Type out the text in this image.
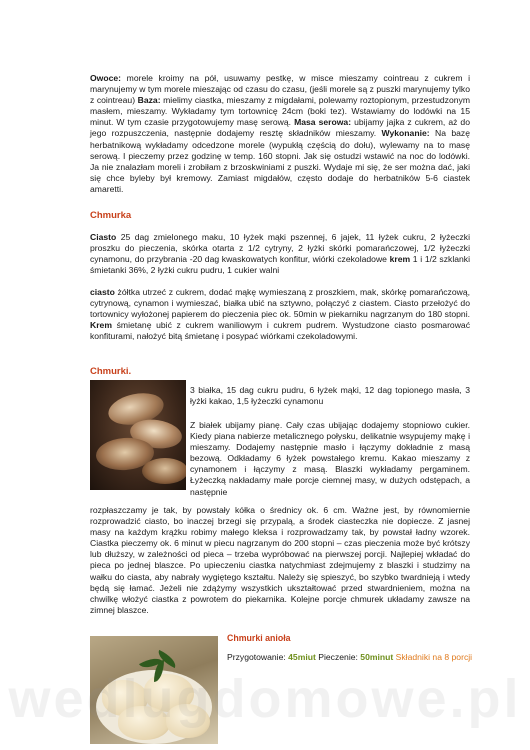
Owoce: morele kroimy na pół, usuwamy pestkę, w misce mieszamy cointreau z cukrem i marynujemy w tym morele mieszając od czasu do czasu, (jeśli morele są z puszki marynujemy tylko z cointreau) Baza: mielimy ciastka, mieszamy z migdałami, polewamy roztopionym, przestudzonym masłem, mieszamy. Wykładamy tym tortownicę 24cm (boki tez). Wstawiamy do lodówki na 15 minut. W tym czasie przygotowujemy masę serową. Masa serowa: ubijamy jajka z cukrem, aż do jego rozpuszczenia, następnie dodajemy resztę składników mieszamy. Wykonanie: Na bazę herbatnikową wykładamy odcedzone morele (wypukłą częścią do dołu), wylewamy na to masę serową. I pieczemy przez godzinę w temp. 160 stopni. Jak się ostudzi wstawić na noc do lodówki. Ja nie znalazłam moreli i zrobiłam z brzoskwiniami z puszki. Wydaje mi się, że ser można dać, jaki się chce byleby był kremowy. Zamiast migdałów, często dodaje do herbatników 5-6 ciastek amaretti.
Chmurka
Ciasto 25 dag zmielonego maku, 10 łyżek mąki pszennej, 6 jajek, 11 łyżek cukru, 2 łyżeczki proszku do pieczenia, skórka otarta z 1/2 cytryny, 2 łyżki skórki pomarańczowej, 1/2 łyżeczki cynamonu, do przybrania -20 dag kwaskowatych konfitur, wiórki czekoladowe krem 1 i 1/2 szklanki śmietanki 36%, 2 łyżki cukru pudru, 1 cukier walni
ciasto żółtka utrzeć z cukrem, dodać mąkę wymieszaną z proszkiem, mak, skórkę pomarańczową, cytrynową, cynamon i wymieszać, białka ubić na sztywno, połączyć z ciastem. Ciasto przełożyć do tortownicy wyłożonej papierem do pieczenia piec ok. 50min w piekarniku nagrzanym do 180 stopni. Krem śmietanę ubić z cukrem waniliowym i cukrem pudrem. Wystudzone ciasto posmarować konfiturami, nałożyć bitą śmietanę i posypać wiórkami czekoladowymi.
Chmurki.
3 białka, 15 dag cukru pudru, 6 łyżek mąki, 12 dag topionego masła, 3 łyżki kakao, 1,5 łyżeczki cynamonu
Z białek ubijamy pianę. Cały czas ubijając dodajemy stopniowo cukier. Kiedy piana nabierze metalicznego połysku, delikatnie wsypujemy mąkę i mieszamy. Dodajemy następnie masło i łączymy dokładnie z masą bezową. Odkładamy 6 łyżek powstałego kremu. Kakao mieszamy z cynamonem i łączymy z masą. Blaszki wykładamy pergaminem. Łyżeczką nakładamy małe porcje ciemnej masy, w dużych odstępach, a następnie
rozpłaszczamy je tak, by powstały kółka o średnicy ok. 6 cm. Ważne jest, by równomiernie rozprowadzić ciasto, bo inaczej brzegi się przypalą, a środek ciasteczka nie dopiecze. Z jasnej masy na każdym krążku robimy małego kleksa i rozprowadzamy tak, by powstał ładny wzorek. Ciastka pieczemy ok. 6 minut w piecu nagrzanym do 200 stopni – czas pieczenia może być krótszy lub dłuższy, w zależności od pieca – trzeba wypróbować na pierwszej porcji. Najlepiej wkładać do pieca po jednej blaszce. Po upieczeniu ciastka natychmiast zdejmujemy z blaszki i studzimy na wałku do ciasta, aby nabrały wygiętego kształtu. Należy się spieszyć, bo szybko twardnieją i wtedy będą się łamać. Jeżeli nie zdążymy wszystkich ukształtować przed stwardnieniem, można na chwilkę włożyć ciastka z powrotem do piekarnika. Kolejne porcje chmurek układamy zawsze na zimnej blaszce.
Chmurki anioła
Przygotowanie: 45miut Pieczenie: 50minut Składniki na 8 porcji
wedlugdomowe.pl
